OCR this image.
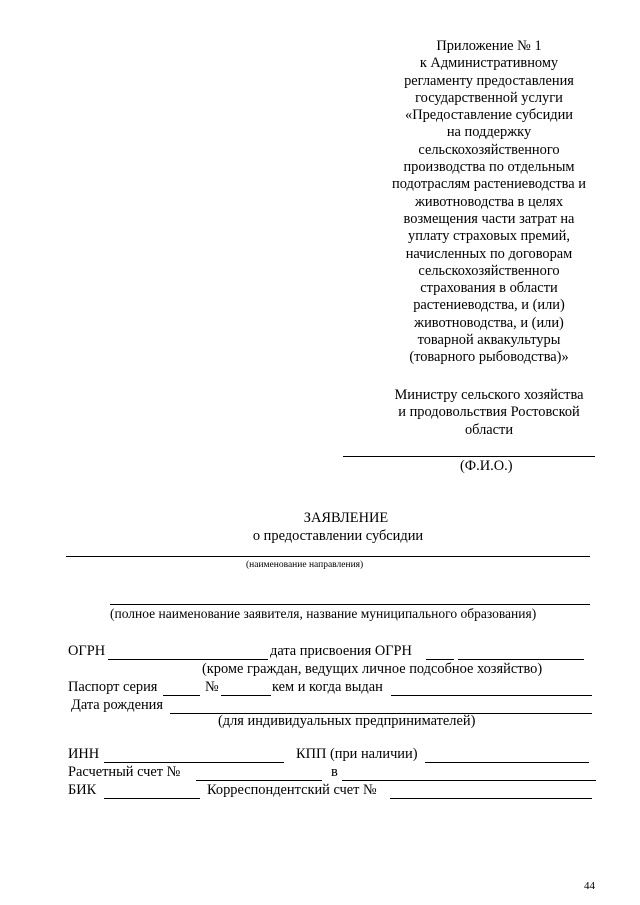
Приложение № 1
к Административному
регламенту предоставления
государственной услуги
«Предоставление субсидии
на поддержку
сельскохозяйственного
производства по отдельным
подотраслям растениеводства и
животноводства в целях
возмещения части затрат на
уплату страховых премий,
начисленных по договорам
сельскохозяйственного
страхования в области
растениеводства, и (или)
животноводства, и (или)
товарной аквакультуры
(товарного рыбоводства)»
Министру сельского хозяйства
и продовольствия Ростовской
области
(Ф.И.О.)
ЗАЯВЛЕНИЕ
о предоставлении субсидии
(наименование направления)
(полное наименование заявителя, название муниципального образования)
ОГРН	дата присвоения ОГРН
(кроме граждан, ведущих личное подсобное хозяйство)
Паспорт серия	№	кем и когда выдан
Дата рождения
(для индивидуальных предпринимателей)
ИНН	КПП (при наличии)
Расчетный счет №	в
БИК	Корреспондентский счет №
44
